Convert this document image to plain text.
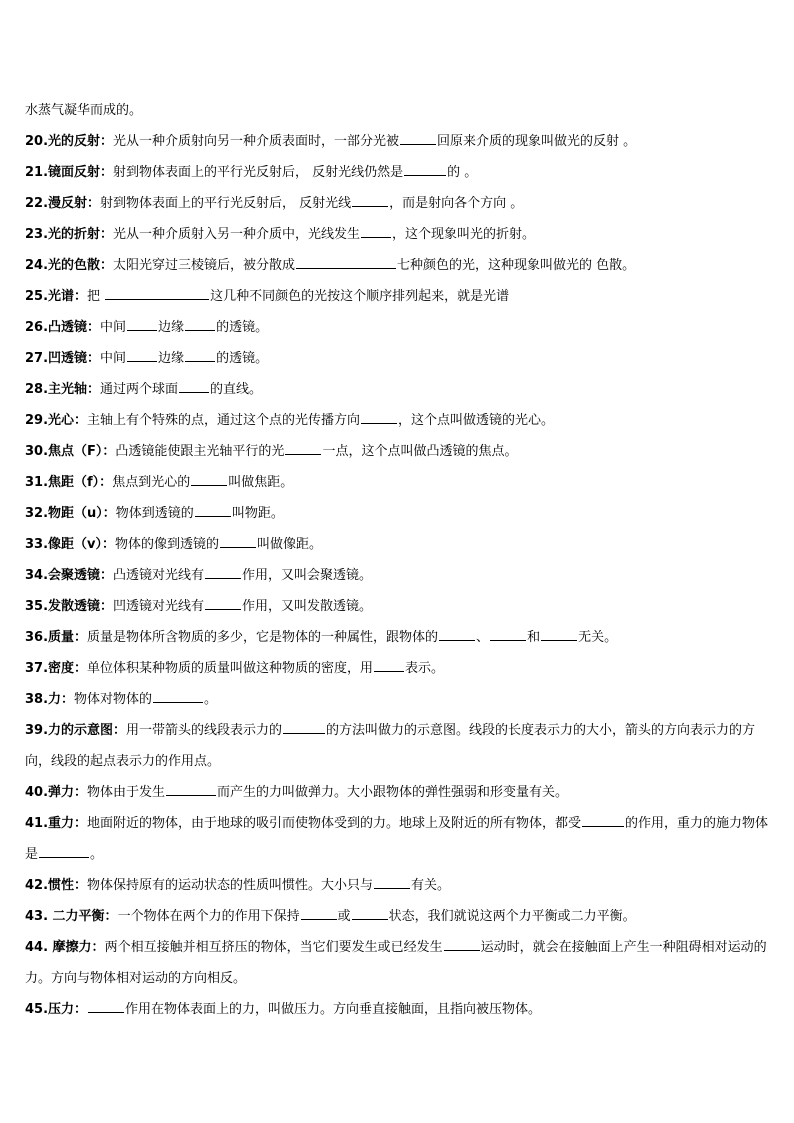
水蒸气凝华而成的。
20.光的反射：光从一种介质射向另一种介质表面时，一部分光被	回原来介质的现象叫做光的反射 。
21.镜面反射：射到物体表面上的平行光反射后， 反射光线仍然是	的 。
22.漫反射：射到物体表面上的平行光反射后， 反射光线	，而是射向各个方向 。
23.光的折射：光从一种介质射入另一种介质中，光线发生 ，这个现象叫光的折射。
24.光的色散：太阳光穿过三棱镜后，被分散成	七种颜色的光，这种现象叫做光的 色散。
25.光谱：把	这几种不同颜色的光按这个顺序排列起来，就是光谱
26.凸透镜：中间 边缘 的透镜。
27.凹透镜：中间 边缘 的透镜。
28.主光轴：通过两个球面 的直线。
29.光心：主轴上有个特殊的点，通过这个点的光传播方向	，这个点叫做透镜的光心。
30.焦点（F）：凸透镜能使跟主光轴平行的光	一点，这个点叫做凸透镜的焦点。
31.焦距（f）：焦点到光心的	叫做焦距。
32.物距（u）：物体到透镜的	叫物距。
33.像距（v）：物体的像到透镜的	叫做像距。
34.会聚透镜：凸透镜对光线有	作用，又叫会聚透镜。
35.发散透镜：凹透镜对光线有	作用，又叫发散透镜。
36.质量：质量是物体所含物质的多少，它是物体的一种属性，跟物体的	、	和	无关。
37.密度：单位体积某种物质的质量叫做这种物质的密度，用 表示。
38.力：物体对物体的	。
39.力的示意图：用一带箭头的线段表示力的	的方法叫做力的示意图。线段的长度表示力的大小，箭头的方向表示力的方向，线段的起点表示力的作用点。
40.弹力：物体由于发生	而产生的力叫做弹力。大小跟物体的弹性强弱和形变量有关。
41.重力：地面附近的物体，由于地球的吸引而使物体受到的力。地球上及附近的所有物体，都受	的作用，重力的施力物体是	。
42.惯性：物体保持原有的运动状态的性质叫惯性。大小只与	有关。
43. 二力平衡：一个物体在两个力的作用下保持	或	状态，我们就说这两个力平衡或二力平衡。
44. 摩擦力：两个相互接触并相互挤压的物体，当它们要发生或已经发生	运动时，就会在接触面上产生一种阻碍相对运动的力。方向与物体相对运动的方向相反。
45.压力：	作用在物体表面上的力，叫做压力。方向垂直接触面，且指向被压物体。
